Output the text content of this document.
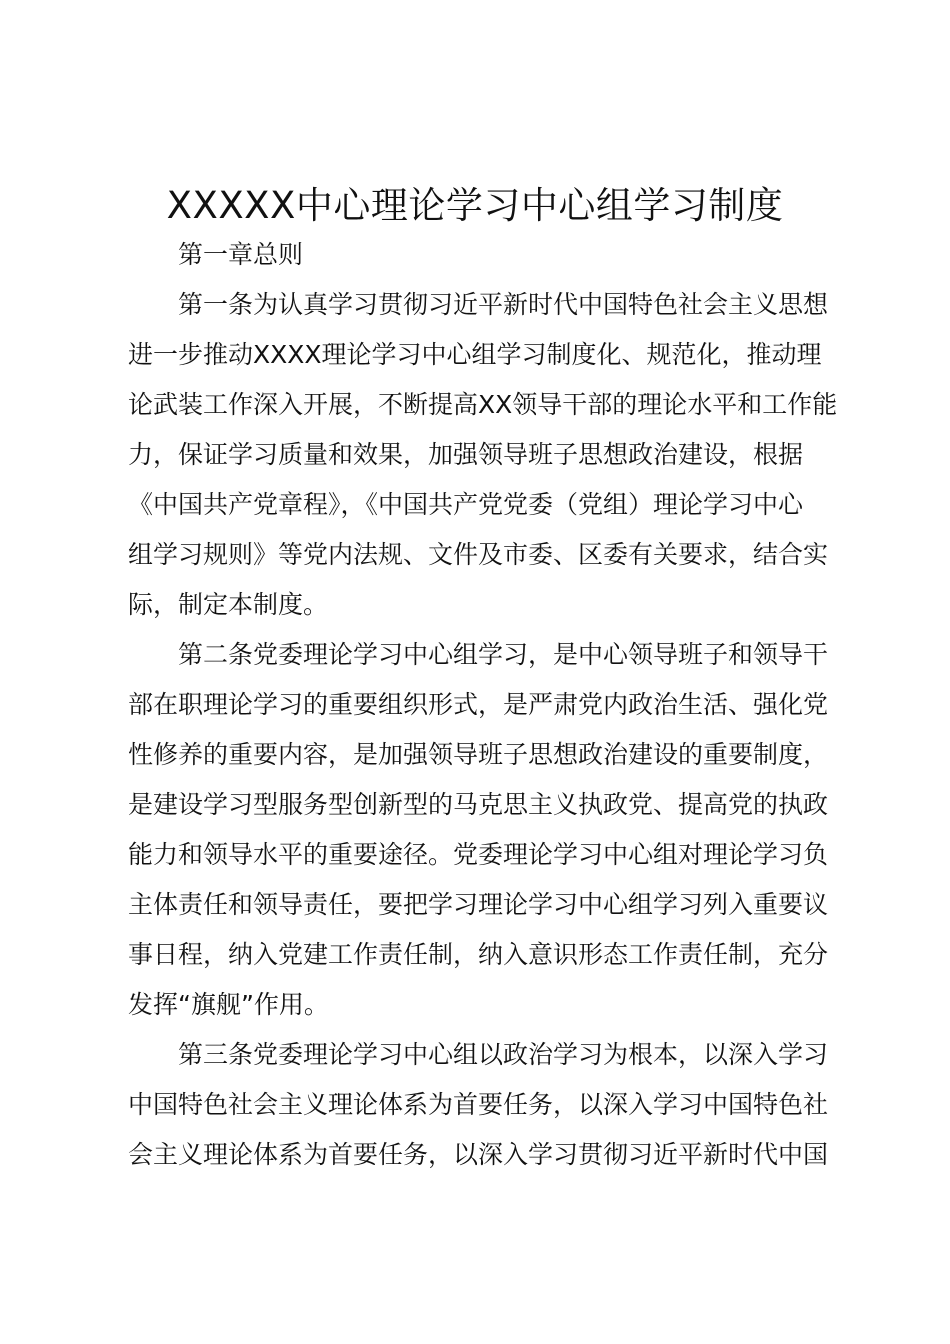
XXXXX中心理论学习中心组学习制度
第一章总则
第一条为认真学习贯彻习近平新时代中国特色社会主义思想
进一步推动XXXX理论学习中心组学习制度化、规范化，推动理
论武装工作深入开展，不断提高XX领导干部的理论水平和工作能
力，保证学习质量和效果，加强领导班子思想政治建设，根据
《中国共产党章程》，《中国共产党党委（党组）理论学习中心
组学习规则》等党内法规、文件及市委、区委有关要求，结合实
际，制定本制度。
第二条党委理论学习中心组学习，是中心领导班子和领导干
部在职理论学习的重要组织形式，是严肃党内政治生活、强化党
性修养的重要内容，是加强领导班子思想政治建设的重要制度，
是建设学习型服务型创新型的马克思主义执政党、提高党的执政
能力和领导水平的重要途径。党委理论学习中心组对理论学习负
主体责任和领导责任，要把学习理论学习中心组学习列入重要议
事日程，纳入党建工作责任制，纳入意识形态工作责任制，充分
发挥“旗舰”作用。
第三条党委理论学习中心组以政治学习为根本，以深入学习
中国特色社会主义理论体系为首要任务，以深入学习中国特色社
会主义理论体系为首要任务，以深入学习贯彻习近平新时代中国
